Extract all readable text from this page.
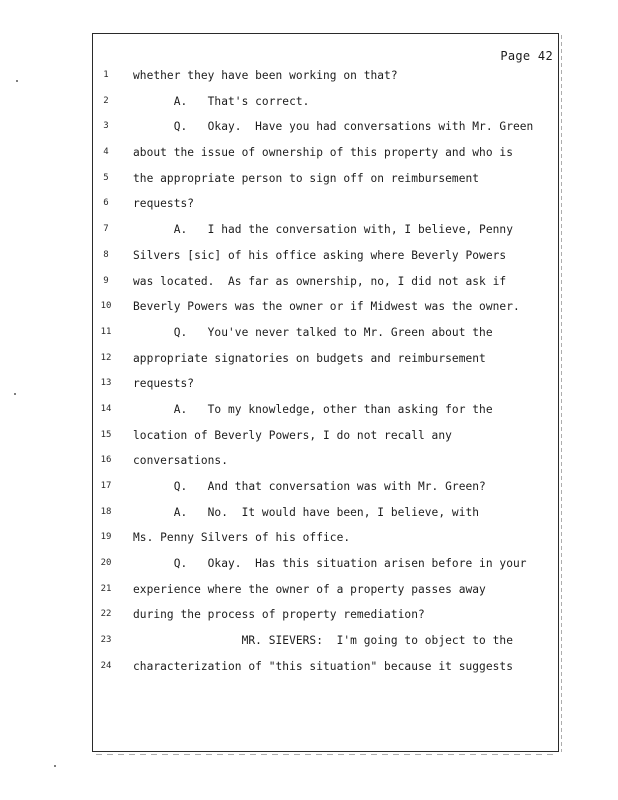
Page 42
1
2
3
4
5
6
7
8
9
10
11
12
13
14
15
16
17
18
19
20
21
22
23
24
whether they have been working on that?
A.   That's correct.
Q.   Okay.  Have you had conversations with Mr. Green
about the issue of ownership of this property and who is
the appropriate person to sign off on reimbursement
requests?
A.   I had the conversation with, I believe, Penny
Silvers [sic] of his office asking where Beverly Powers
was located.  As far as ownership, no, I did not ask if
Beverly Powers was the owner or if Midwest was the owner.
Q.   You've never talked to Mr. Green about the
appropriate signatories on budgets and reimbursement
requests?
A.   To my knowledge, other than asking for the
location of Beverly Powers, I do not recall any
conversations.
Q.   And that conversation was with Mr. Green?
A.   No.  It would have been, I believe, with
Ms. Penny Silvers of his office.
Q.   Okay.  Has this situation arisen before in your
experience where the owner of a property passes away
during the process of property remediation?
MR. SIEVERS:  I'm going to object to the
characterization of "this situation" because it suggests
